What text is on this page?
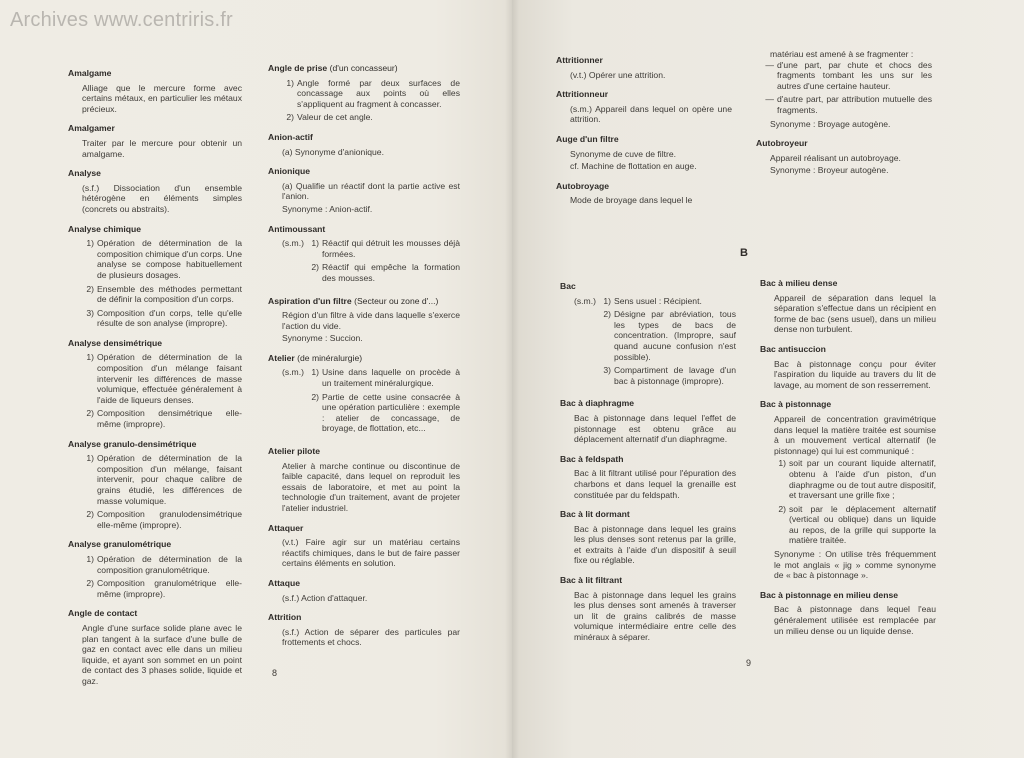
Archives www.centriris.fr
Amalgame
Alliage que le mercure forme avec certains métaux, en particulier les métaux précieux.
Amalgamer
Traiter par le mercure pour obtenir un amalgame.
Analyse
(s.f.) Dissociation d'un ensemble hétérogène en éléments simples (concrets ou abstraits).
Analyse chimique
1) Opération de détermination de la composition chimique d'un corps. Une analyse se compose habituellement de plusieurs dosages.
2) Ensemble des méthodes permettant de définir la composition d'un corps.
3) Composition d'un corps, telle qu'elle résulte de son analyse (impropre).
Analyse densimétrique
1) Opération de détermination de la composition d'un mélange faisant intervenir les différences de masse volumique, effectuée généralement à l'aide de liqueurs denses.
2) Composition densimétrique elle-même (impropre).
Analyse granulo-densimétrique
1) Opération de détermination de la composition d'un mélange, faisant intervenir, pour chaque calibre de grains étudié, les différences de masse volumique.
2) Composition granulodensimétrique elle-même (impropre).
Analyse granulométrique
1) Opération de détermination de la composition granulométrique.
2) Composition granulométrique elle-même (impropre).
Angle de contact
Angle d'une surface solide plane avec le plan tangent à la surface d'une bulle de gaz en contact avec elle dans un milieu liquide, et ayant son sommet en un point de contact des 3 phases solide, liquide et gaz.
Angle de prise (d'un concasseur)
1) Angle formé par deux surfaces de concassage aux points où elles s'appliquent au fragment à concasser.
2) Valeur de cet angle.
Anion-actif
(a) Synonyme d'anionique.
Anionique
(a) Qualifie un réactif dont la partie active est l'anion.
Synonyme : Anion-actif.
Antimoussant
(s.m.) 1) Réactif qui détruit les mousses déjà formées.
2) Réactif qui empêche la formation des mousses.
Aspiration d'un filtre (Secteur ou zone d'...)
Région d'un filtre à vide dans laquelle s'exerce l'action du vide.
Synonyme : Succion.
Atelier (de minéralurgie)
(s.m.) 1) Usine dans laquelle on procède à un traitement minéralurgique.
2) Partie de cette usine consacrée à une opération particulière : exemple : atelier de concassage, de broyage, de flottation, etc...
Atelier pilote
Atelier à marche continue ou discontinue de faible capacité, dans lequel on reproduit les essais de laboratoire, et met au point la technologie d'un traitement, avant de projeter l'atelier industriel.
Attaquer
(v.t.) Faire agir sur un matériau certains réactifs chimiques, dans le but de faire passer certains éléments en solution.
Attaque
(s.f.) Action d'attaquer.
Attrition
(s.f.) Action de séparer des particules par frottements et chocs.
Attritionner
(v.t.) Opérer une attrition.
Attritionneur
(s.m.) Appareil dans lequel on opère une attrition.
Auge d'un filtre
Synonyme de cuve de filtre.
cf. Machine de flottation en auge.
Autobroyage
Mode de broyage dans lequel le
matériau est amené à se fragmenter :
— d'une part, par chute et chocs des fragments tombant les uns sur les autres d'une certaine hauteur.
— d'autre part, par attribution mutuelle des fragments.
Synonyme : Broyage autogène.
Autobroyeur
Appareil réalisant un autobroyage.
Synonyme : Broyeur autogène.
Bac
(s.m.) 1) Sens usuel : Récipient.
2) Désigne par abréviation, tous les types de bacs de concentration. (Impropre, sauf quand aucune confusion n'est possible).
3) Compartiment de lavage d'un bac à pistonnage (impropre).
Bac à diaphragme
Bac à pistonnage dans lequel l'effet de pistonnage est obtenu grâce au déplacement alternatif d'un diaphragme.
Bac à feldspath
Bac à lit filtrant utilisé pour l'épuration des charbons et dans lequel la grenaille est constituée par du feldspath.
Bac à lit dormant
Bac à pistonnage dans lequel les grains les plus denses sont retenus par la grille, et extraits à l'aide d'un dispositif à seuil fixe ou réglable.
Bac à lit filtrant
Bac à pistonnage dans lequel les grains les plus denses sont amenés à traverser un lit de grains calibrés de masse volumique intermédiaire entre celle des minéraux à séparer.
Bac à milieu dense
Appareil de séparation dans lequel la séparation s'effectue dans un récipient en forme de bac (sens usuel), dans un milieu dense non turbulent.
Bac antisuccion
Bac à pistonnage conçu pour éviter l'aspiration du liquide au travers du lit de lavage, au moment de son resserrement.
Bac à pistonnage
Appareil de concentration gravimétrique dans lequel la matière traitée est soumise à un mouvement vertical alternatif (le pistonnage) qui lui est communiqué :
1) soit par un courant liquide alternatif, obtenu à l'aide d'un piston, d'un diaphragme ou de tout autre dispositif, et traversant une grille fixe ;
2) soit par le déplacement alternatif (vertical ou oblique) dans un liquide au repos, de la grille qui supporte la matière traitée.
Synonyme : On utilise très fréquemment le mot anglais « jig » comme synonyme de « bac à pistonnage ».
Bac à pistonnage en milieu dense
Bac à pistonnage dans lequel l'eau généralement utilisée est remplacée par un milieu dense ou un liquide dense.
B
8
9
